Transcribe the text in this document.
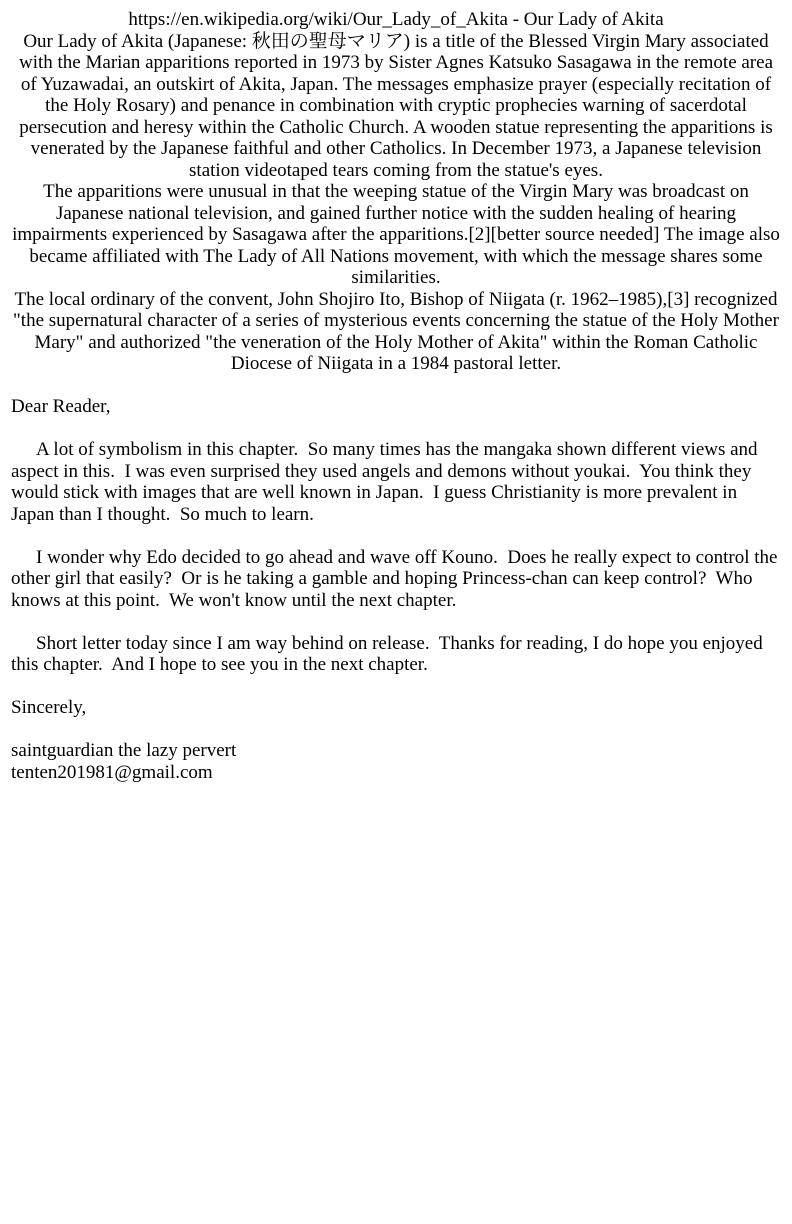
https://en.wikipedia.org/wiki/Our_Lady_of_Akita - Our Lady of Akita

Our Lady of Akita (Japanese: 秋田の聖母マリア) is a title of the Blessed Virgin Mary associated with the Marian apparitions reported in 1973 by Sister Agnes Katsuko Sasagawa in the remote area of Yuzawadai, an outskirt of Akita, Japan. The messages emphasize prayer (especially recitation of the Holy Rosary) and penance in combination with cryptic prophecies warning of sacerdotal persecution and heresy within the Catholic Church. A wooden statue representing the apparitions is venerated by the Japanese faithful and other Catholics. In December 1973, a Japanese television station videotaped tears coming from the statue's eyes.

The apparitions were unusual in that the weeping statue of the Virgin Mary was broadcast on Japanese national television, and gained further notice with the sudden healing of hearing impairments experienced by Sasagawa after the apparitions.[2][better source needed] The image also became affiliated with The Lady of All Nations movement, with which the message shares some similarities.

The local ordinary of the convent, John Shojiro Ito, Bishop of Niigata (r. 1962–1985),[3] recognized "the supernatural character of a series of mysterious events concerning the statue of the Holy Mother Mary" and authorized "the veneration of the Holy Mother of Akita" within the Roman Catholic Diocese of Niigata in a 1984 pastoral letter.

Dear Reader,

A lot of symbolism in this chapter.  So many times has the mangaka shown different views and aspect in this.  I was even surprised they used angels and demons without youkai.  You think they would stick with images that are well known in Japan.  I guess Christianity is more prevalent in Japan than I thought.  So much to learn.

I wonder why Edo decided to go ahead and wave off Kouno.  Does he really expect to control the other girl that easily?  Or is he taking a gamble and hoping Princess-chan can keep control?  Who knows at this point.  We won't know until the next chapter.

Short letter today since I am way behind on release.  Thanks for reading, I do hope you enjoyed this chapter.  And I hope to see you in the next chapter.

Sincerely,

saintguardian the lazy pervert

tenten201981@gmail.com
